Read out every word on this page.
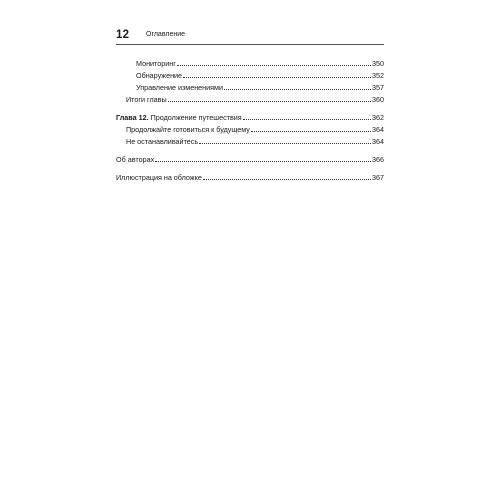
12 Оглавление
Мониторинг	350
Обнаружение	352
Управление изменениями	357
Итоги главы	360
Глава 12. Продолжение путешествия	362
Продолжайте готовиться к будущему	364
Не останавливайтесь	364
Об авторах	366
Иллюстрация на обложке	367
